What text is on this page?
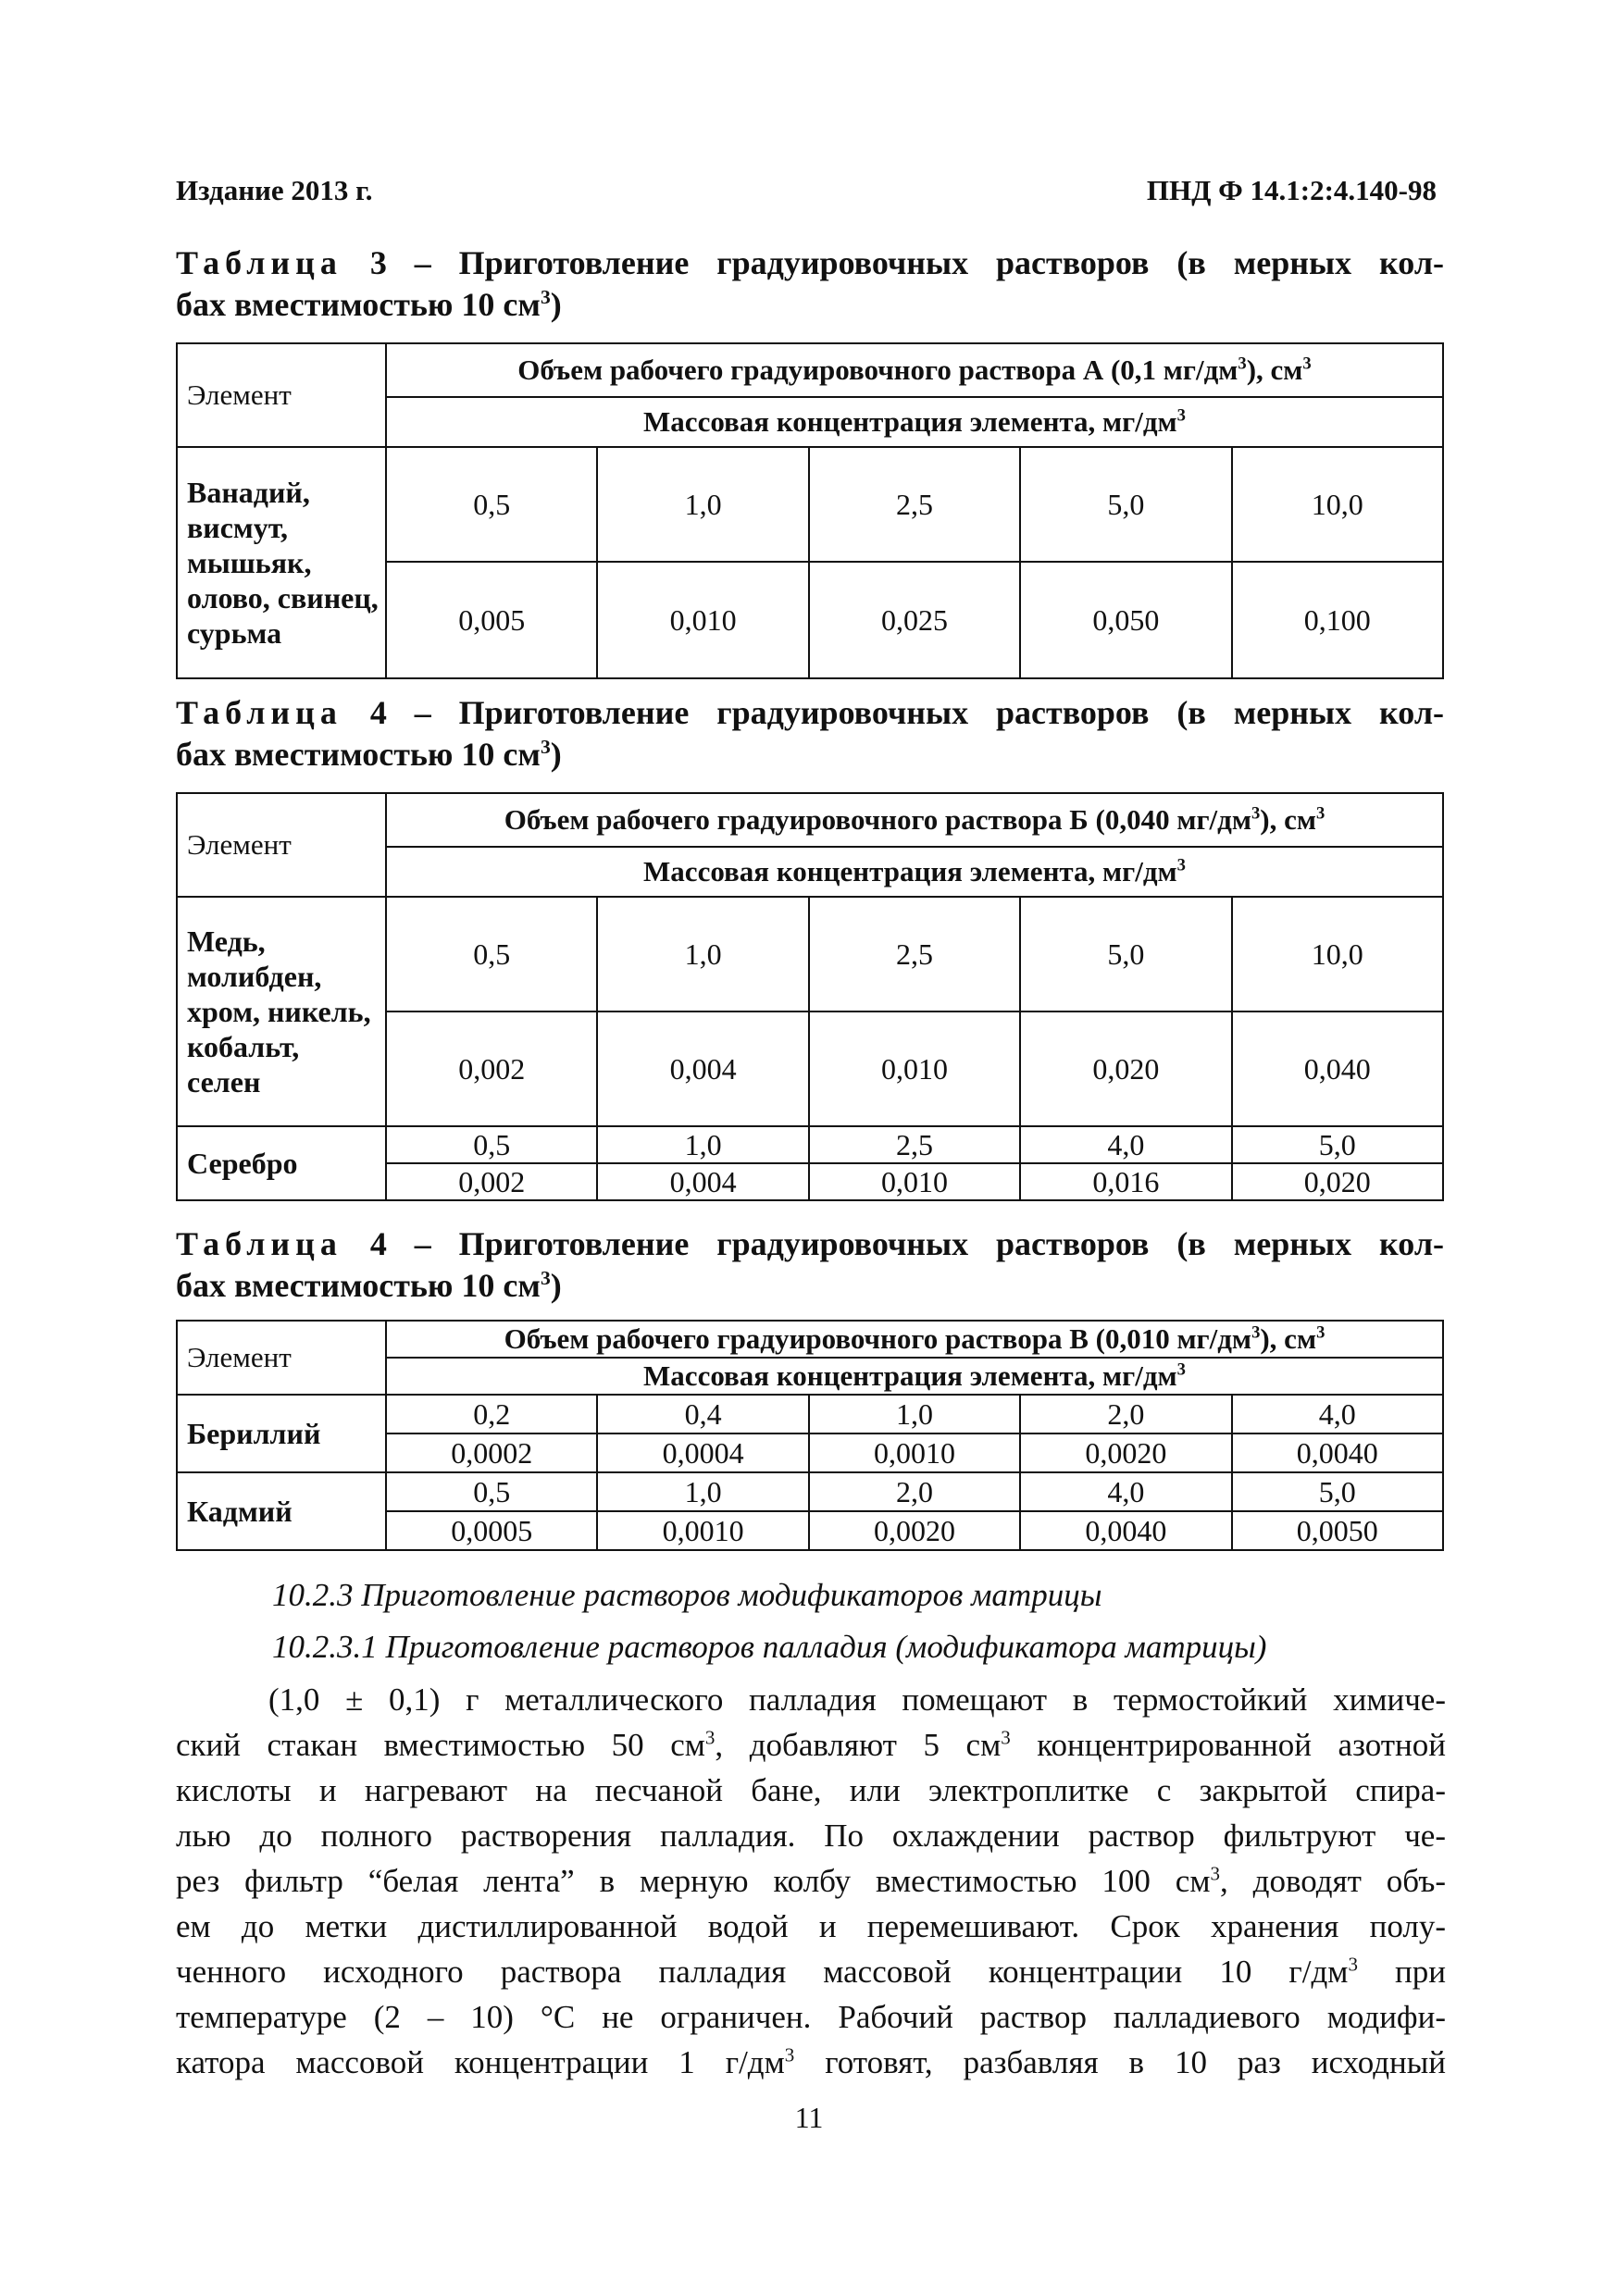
Издание 2013 г.	ПНД Ф 14.1:2:4.140-98
Таблица 3 – Приготовление градуировочных растворов (в мерных кол-
бах вместимостью 10 $см^3$)
Элемент	Объем рабочего градуировочного раствора А (0,1 $мг/дм^3$), $см^3$
	Массовая концентрация элемента, $мг/дм^3$
Ванадий, висмут, мышьяк, олово, свинец, сурьма	0,5	1,0	2,5	5,0	10,0
	0,005	0,010	0,025	0,050	0,100
Таблица 4 – Приготовление градуировочных растворов (в мерных кол-
бах вместимостью 10 $см^3$)
Элемент	Объем рабочего градуировочного раствора Б (0,040 $мг/дм^3$), $см^3$
	Массовая концентрация элемента, $мг/дм^3$
Медь, молибден, хром, никель, кобальт, селен	0,5	1,0	2,5	5,0	10,0
	0,002	0,004	0,010	0,020	0,040
Серебро	0,5	1,0	2,5	4,0	5,0
	0,002	0,004	0,010	0,016	0,020
Таблица 4 – Приготовление градуировочных растворов (в мерных кол-
бах вместимостью 10 $см^3$)
Элемент	Объем рабочего градуировочного раствора В (0,010 $мг/дм^3$), $см^3$
	Массовая концентрация элемента, $мг/дм^3$
Бериллий	0,2	0,4	1,0	2,0	4,0
	0,0002	0,0004	0,0010	0,0020	0,0040
Кадмий	0,5	1,0	2,0	4,0	5,0
	0,0005	0,0010	0,0020	0,0040	0,0050
10.2.3 Приготовление растворов модификаторов матрицы
10.2.3.1 Приготовление растворов палладия (модификатора матрицы)
(1,0 ± 0,1) г металлического палладия помещают в термостойкий химиче-
ский стакан вместимостью 50 $см^3$, добавляют 5 $см^3$ концентрированной азотной
кислоты и нагревают на песчаной бане, или электроплитке с закрытой спира-
лью до полного растворения палладия. По охлаждении раствор фильтруют че-
рез фильтр “белая лента” в мерную колбу вместимостью 100 $см^3$, доводят объ-
ем до метки дистиллированной водой и перемешивают. Срок хранения полу-
ченного исходного раствора палладия массовой концентрации 10 $г/дм^3$ при
температуре (2 – 10) °С не ограничен. Рабочий раствор палладиевого модифи-
катора массовой концентрации 1 $г/дм^3$ готовят, разбавляя в 10 раз исходный
11
